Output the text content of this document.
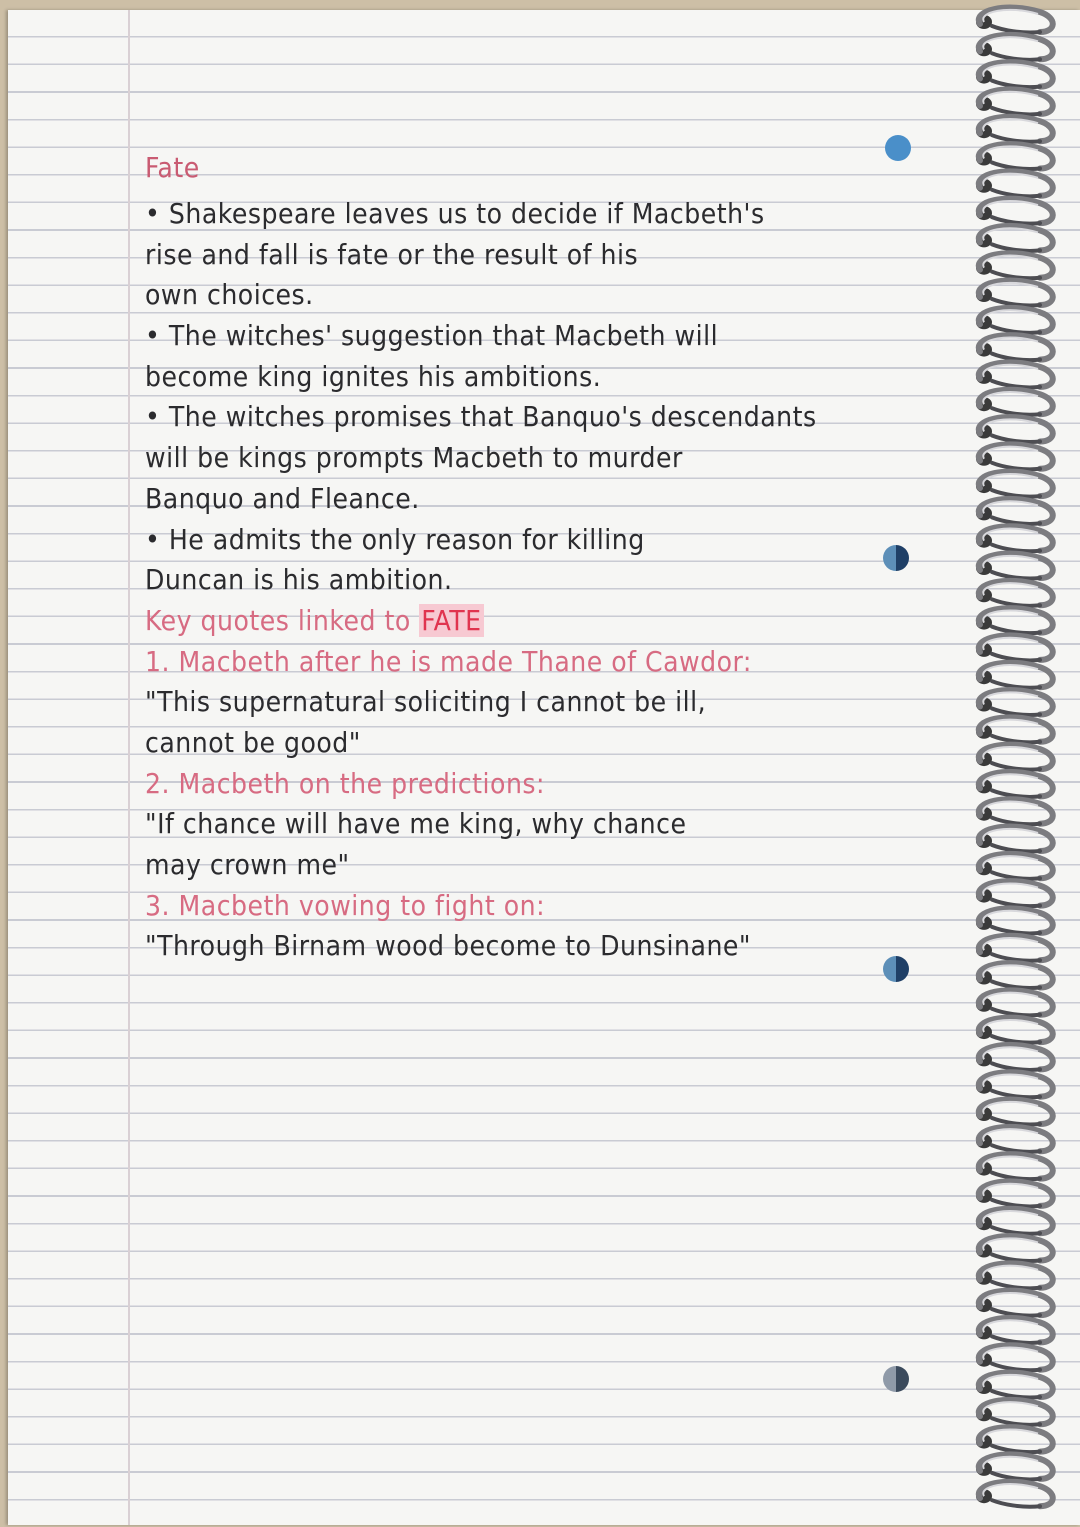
Fate
• Shakespeare leaves us to decide if Macbeth's
rise and fall is fate or the result of his
own choices.
• The witches' suggestion that Macbeth will
become king ignites his ambitions.
• The witches promises that Banquo's descendants
will be kings prompts Macbeth to murder
Banquo and Fleance.
• He admits the only reason for killing
Duncan is his ambition.
Key quotes linked to FATE
1. Macbeth after he is made Thane of Cawdor:
"This supernatural soliciting I cannot be ill,
cannot be good"
2. Macbeth on the predictions:
"If chance will have me king, why chance
may crown me"
3. Macbeth vowing to fight on:
"Through Birnam wood become to Dunsinane"
